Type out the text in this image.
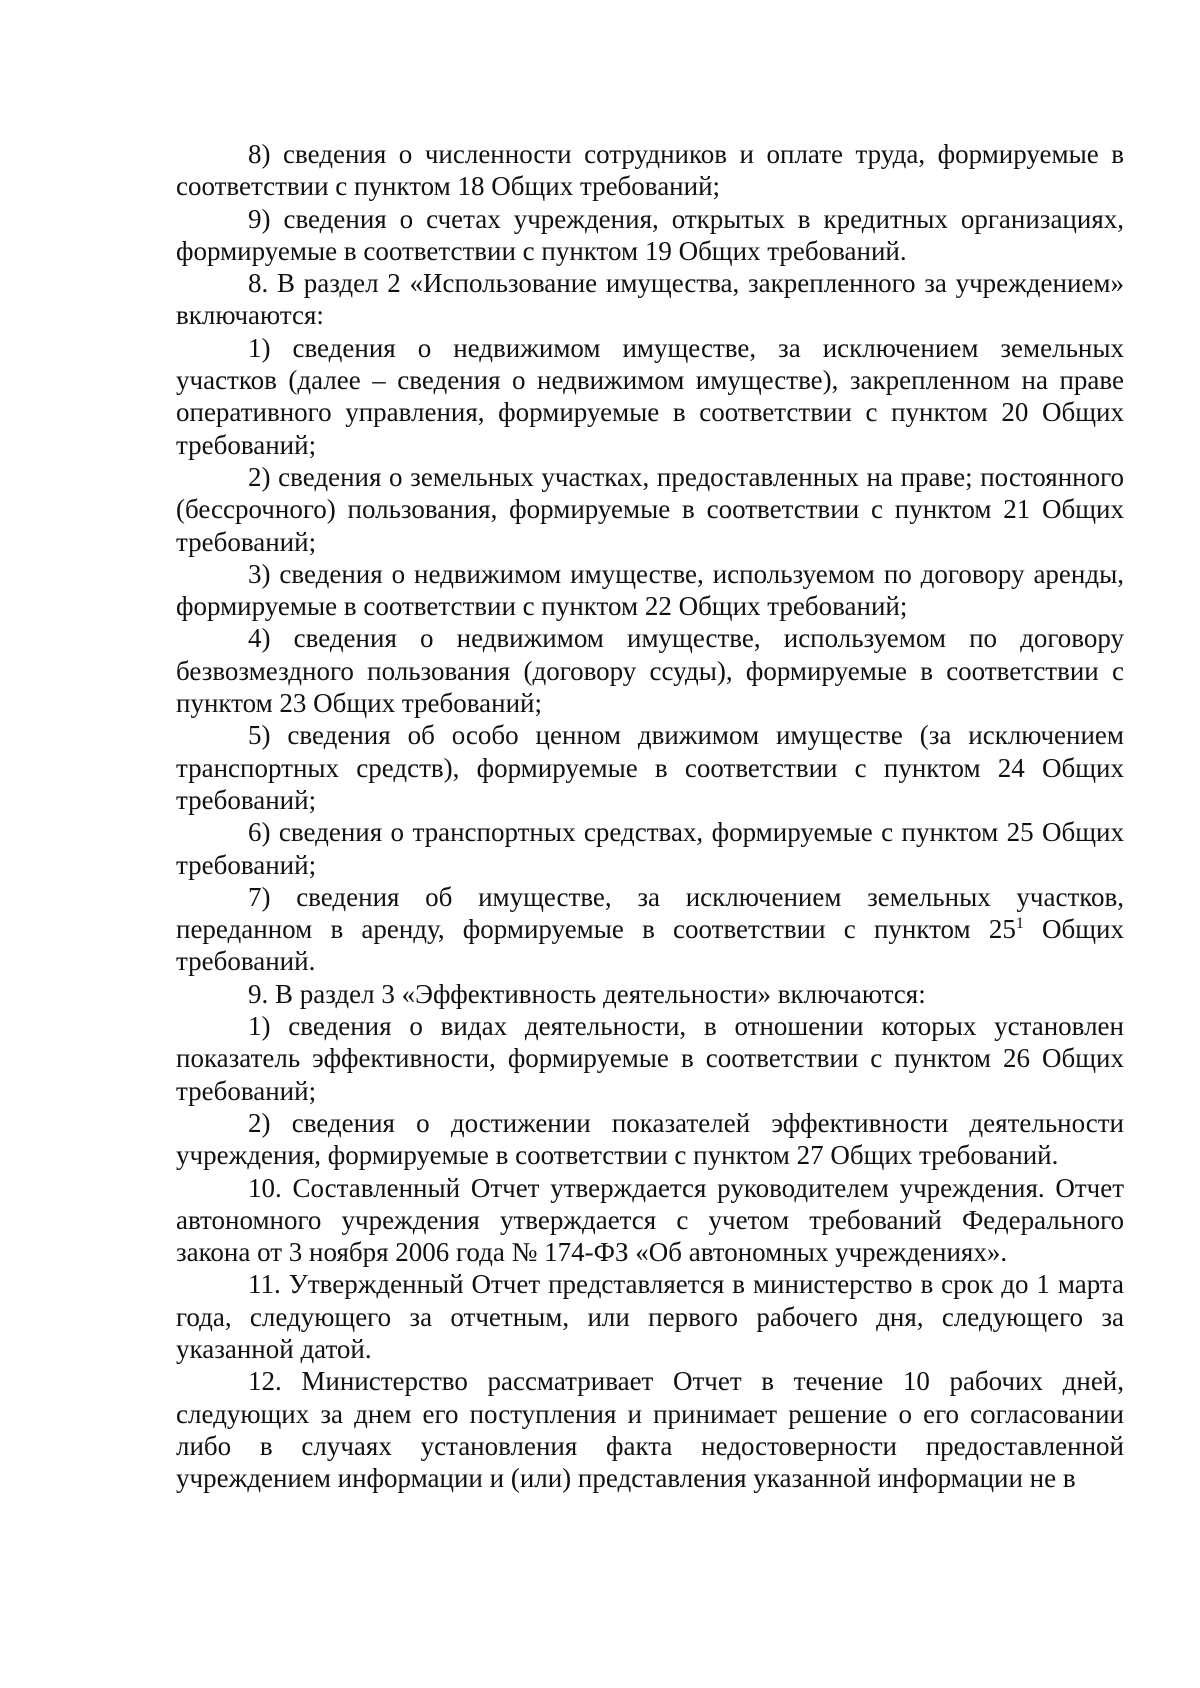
8) сведения о численности сотрудников и оплате труда, формируемые в соответствии с пунктом 18 Общих требований;

9) сведения о счетах учреждения, открытых в кредитных организациях, формируемые в соответствии с пунктом 19 Общих требований.

8. В раздел 2 «Использование имущества, закрепленного за учреждением» включаются:

1) сведения о недвижимом имуществе, за исключением земельных участков (далее – сведения о недвижимом имуществе), закрепленном на праве оперативного управления, формируемые в соответствии с пунктом 20 Общих требований;

2) сведения о земельных участках, предоставленных на праве; постоянного (бессрочного) пользования, формируемые в соответствии с пунктом 21 Общих требований;

3) сведения о недвижимом имуществе, используемом по договору аренды, формируемые в соответствии с пунктом 22 Общих требований;

4) сведения о недвижимом имуществе, используемом по договору безвозмездного пользования (договору ссуды), формируемые в соответствии с пунктом 23 Общих требований;

5) сведения об особо ценном движимом имуществе (за исключением транспортных средств), формируемые в соответствии с пунктом 24 Общих требований;

6) сведения о транспортных средствах, формируемые с пунктом 25 Общих требований;

7) сведения об имуществе, за исключением земельных участков, переданном в аренду, формируемые в соответствии с пунктом $25^1$ Общих требований.

9. В раздел 3 «Эффективность деятельности» включаются:

1) сведения о видах деятельности, в отношении которых установлен показатель эффективности, формируемые в соответствии с пунктом 26 Общих требований;

2) сведения о достижении показателей эффективности деятельности учреждения, формируемые в соответствии с пунктом 27 Общих требований.

10. Составленный Отчет утверждается руководителем учреждения. Отчет автономного учреждения утверждается с учетом требований Федерального закона от 3 ноября 2006 года № 174-ФЗ «Об автономных учреждениях».

11. Утвержденный Отчет представляется в министерство в срок до 1 марта года, следующего за отчетным, или первого рабочего дня, следующего за указанной датой.

12. Министерство рассматривает Отчет в течение 10 рабочих дней, следующих за днем его поступления и принимает решение о его согласовании либо в случаях установления факта недостоверности предоставленной учреждением информации и (или) представления указанной информации не в
